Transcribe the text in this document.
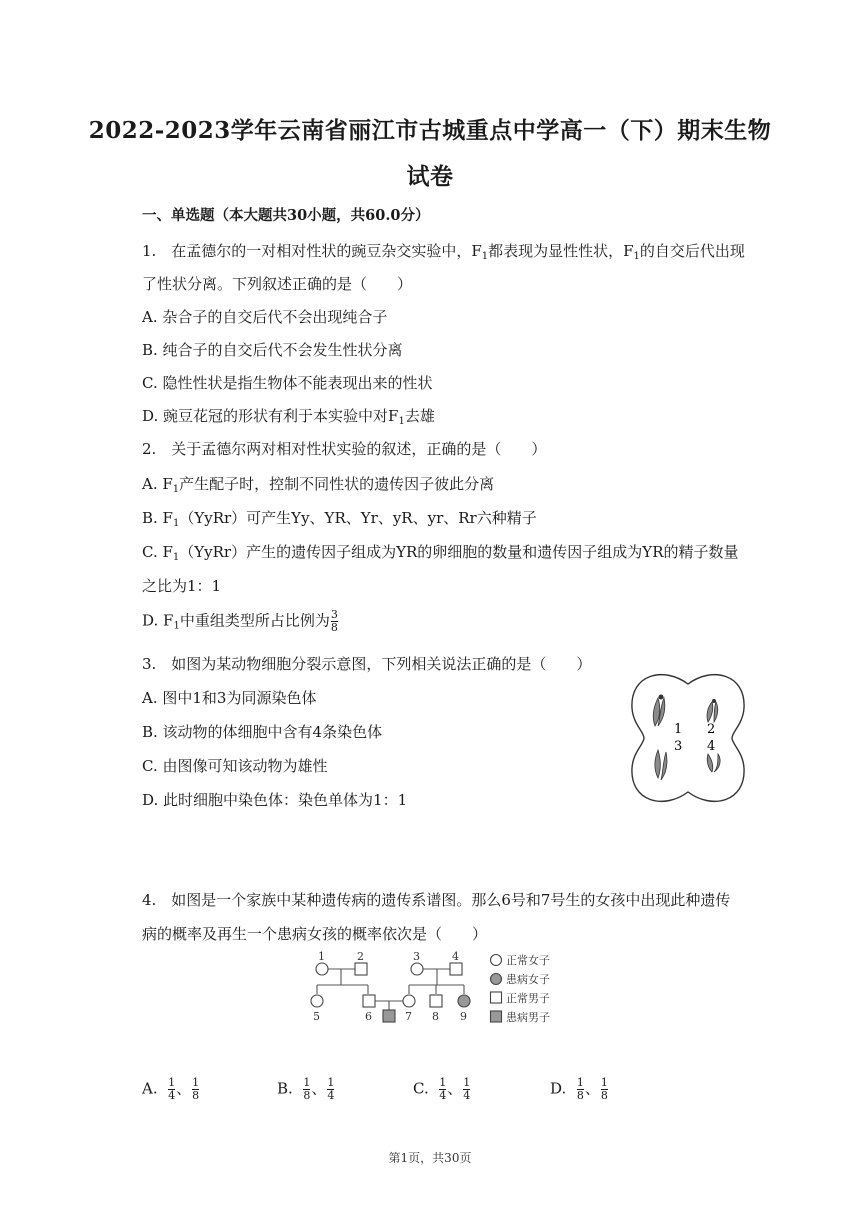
2022-2023学年云南省丽江市古城重点中学高一（下）期末生物
试卷
一、单选题（本大题共30小题，共60.0分）
1.　在孟德尔的一对相对性状的豌豆杂交实验中，$F_1$都表现为显性性状，$F_1$的自交后代出现
了性状分离。下列叙述正确的是（　　）
A. 杂合子的自交后代不会出现纯合子
B. 纯合子的自交后代不会发生性状分离
C. 隐性性状是指生物体不能表现出来的性状
D. 豌豆花冠的形状有利于本实验中对$F_1$去雄
2.　关于孟德尔两对相对性状实验的叙述，正确的是（　　）
A. $F_1$产生配子时，控制不同性状的遗传因子彼此分离
B. $F_1(YyRr)$可产生Yy、YR、Yr、yR、yr、Rr六种精子
C. $F_1(YyRr)$产生的遗传因子组成为YR的卵细胞的数量和遗传因子组成为YR的精子数量
之比为1：1
D. $F_1$中重组类型所占比例为 $\frac{3}{8}$
3.　如图为某动物细胞分裂示意图，下列相关说法正确的是（　　）
A. 图中1和3为同源染色体
B. 该动物的体细胞中含有4条染色体
C. 由图像可知该动物为雄性
D. 此时细胞中染色体：染色单体为1：1
1
3
2
4
4.　如图是一个家族中某种遗传病的遗传系谱图。那么6号和7号生的女孩中出现此种遗传
病的概率及再生一个患病女孩的概率依次是（　　）
1	2	3	4
5	6	7 8 9
正常女子
患病女子
正常男子
患病男子
A. $\frac{1}{4}$ 、 $\frac{1}{8}$	B. $\frac{1}{8}$ 、 $\frac{1}{4}$	C. $\frac{1}{4}$ 、 $\frac{1}{4}$	D. $\frac{1}{8}$ 、 $\frac{1}{8}$
第1页，共30页
